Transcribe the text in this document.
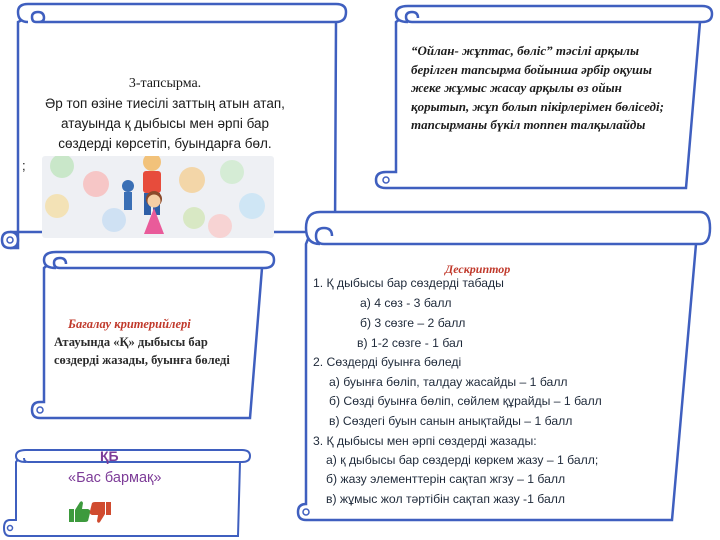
3-тапсырма.
Әр топ өзіне тиесілі заттың атын атап,
атауында қ дыбысы мен әрпі бар
сөздерді көрсетіп, буындарға бөл.
;
“Ойлан- жұптас, бөліс” тәсілі арқылы берілген тапсырма бойынша әрбір оқушы жеке жұмыс жасау арқылы өз ойын қорытып, жұп болып пікірлерімен бөліседі; тапсырманы бүкіл топпен талқылайды
Бағалау критерийлері
Атауында «Қ» дыбысы бар сөздерді жазады, буынға бөледі
ҚБ
«Бас бармақ»
Дескриптор
1. Қ дыбысы бар сөздерді табады
а) 4 сөз - 3 балл
б) 3 сөзге – 2 балл
в) 1-2 сөзге - 1 бал
2. Сөздерді буынға бөледі
а) буынға бөліп, талдау жасайды – 1 балл
б) Сөзді буынға бөліп, сөйлем құрайды – 1 балл
в) Сөздегі буын санын анықтайды – 1 балл
3. Қ дыбысы мен әрпі сөздерді жазады:
а) қ дыбысы бар сөздерді көркем жазу – 1 балл;
б) жазу элементтерін сақтап жгзу – 1 балл
в) жұмыс жол тәртібін сақтап жазу -1 балл
